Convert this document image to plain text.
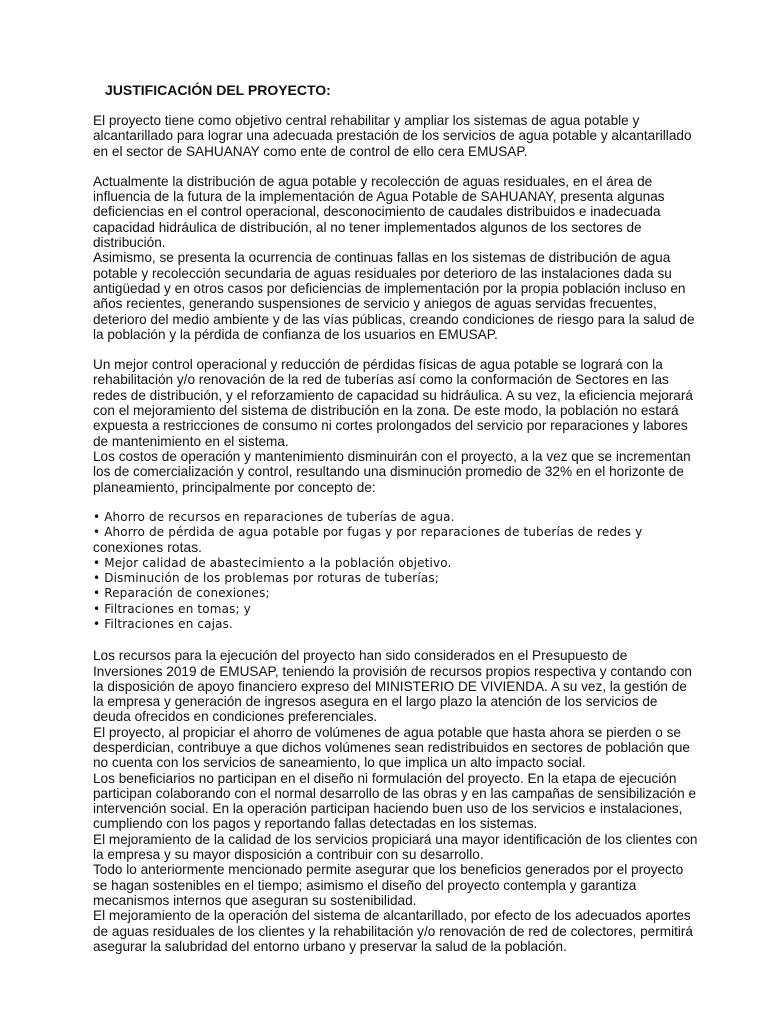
JUSTIFICACIÓN DEL PROYECTO:

El proyecto tiene como objetivo central rehabilitar y ampliar los sistemas de agua potable y alcantarillado para lograr una adecuada prestación de los servicios de agua potable y alcantarillado en el sector de SAHUANAY como ente de control de ello cera EMUSAP.

Actualmente la distribución de agua potable y recolección de aguas residuales, en el área de influencia de la futura de la implementación de Agua Potable de SAHUANAY, presenta algunas deficiencias en el control operacional, desconocimiento de caudales distribuidos e inadecuada capacidad hidráulica de distribución, al no tener implementados algunos de los sectores de distribución.

Asimismo, se presenta la ocurrencia de continuas fallas en los sistemas de distribución de agua potable y recolección secundaria de aguas residuales por deterioro de las instalaciones dada su antigüedad y en otros casos por deficiencias de implementación por la propia población incluso en años recientes, generando suspensiones de servicio y aniegos de aguas servidas frecuentes, deterioro del medio ambiente y de las vías públicas, creando condiciones de riesgo para la salud de la población y la pérdida de confianza de los usuarios en EMUSAP.

Un mejor control operacional y reducción de pérdidas físicas de agua potable se logrará con la rehabilitación y/o renovación de la red de tuberías así como la conformación de Sectores en las redes de distribución, y el reforzamiento de capacidad su hidráulica. A su vez, la eficiencia mejorará con el mejoramiento del sistema de distribución en la zona. De este modo, la población no estará expuesta a restricciones de consumo ni cortes prolongados del servicio por reparaciones y labores de mantenimiento en el sistema.

Los costos de operación y mantenimiento disminuirán con el proyecto, a la vez que se incrementan los de comercialización y control, resultando una disminución promedio de 32% en el horizonte de planeamiento, principalmente por concepto de:

• Ahorro de recursos en reparaciones de tuberías de agua.
• Ahorro de pérdida de agua potable por fugas y por reparaciones de tuberías de redes y
conexiones rotas.
• Mejor calidad de abastecimiento a la población objetivo.
• Disminución de los problemas por roturas de tuberías;
• Reparación de conexiones;
• Filtraciones en tomas; y
• Filtraciones en cajas.

Los recursos para la ejecución del proyecto han sido considerados en el Presupuesto de Inversiones 2019 de EMUSAP, teniendo la provisión de recursos propios respectiva y contando con la disposición de apoyo financiero expreso del MINISTERIO DE VIVIENDA. A su vez, la gestión de la empresa y generación de ingresos asegura en el largo plazo la atención de los servicios de deuda ofrecidos en condiciones preferenciales.

El proyecto, al propiciar el ahorro de volúmenes de agua potable que hasta ahora se pierden o se desperdician, contribuye a que dichos volúmenes sean redistribuidos en sectores de población que no cuenta con los servicios de saneamiento, lo que implica un alto impacto social.

Los beneficiarios no participan en el diseño ni formulación del proyecto. En la etapa de ejecución participan colaborando con el normal desarrollo de las obras y en las campañas de sensibilización e intervención social. En la operación participan haciendo buen uso de los servicios e instalaciones, cumpliendo con los pagos y reportando fallas detectadas en los sistemas.

El mejoramiento de la calidad de los servicios propiciará una mayor identificación de los clientes con la empresa y su mayor disposición a contribuir con su desarrollo.

Todo lo anteriormente mencionado permite asegurar que los beneficios generados por el proyecto se hagan sostenibles en el tiempo; asimismo el diseño del proyecto contempla y garantiza mecanismos internos que aseguran su sostenibilidad.

El mejoramiento de la operación del sistema de alcantarillado, por efecto de los adecuados aportes de aguas residuales de los clientes y la rehabilitación y/o renovación de red de colectores, permitirá asegurar la salubridad del entorno urbano y preservar la salud de la población.
